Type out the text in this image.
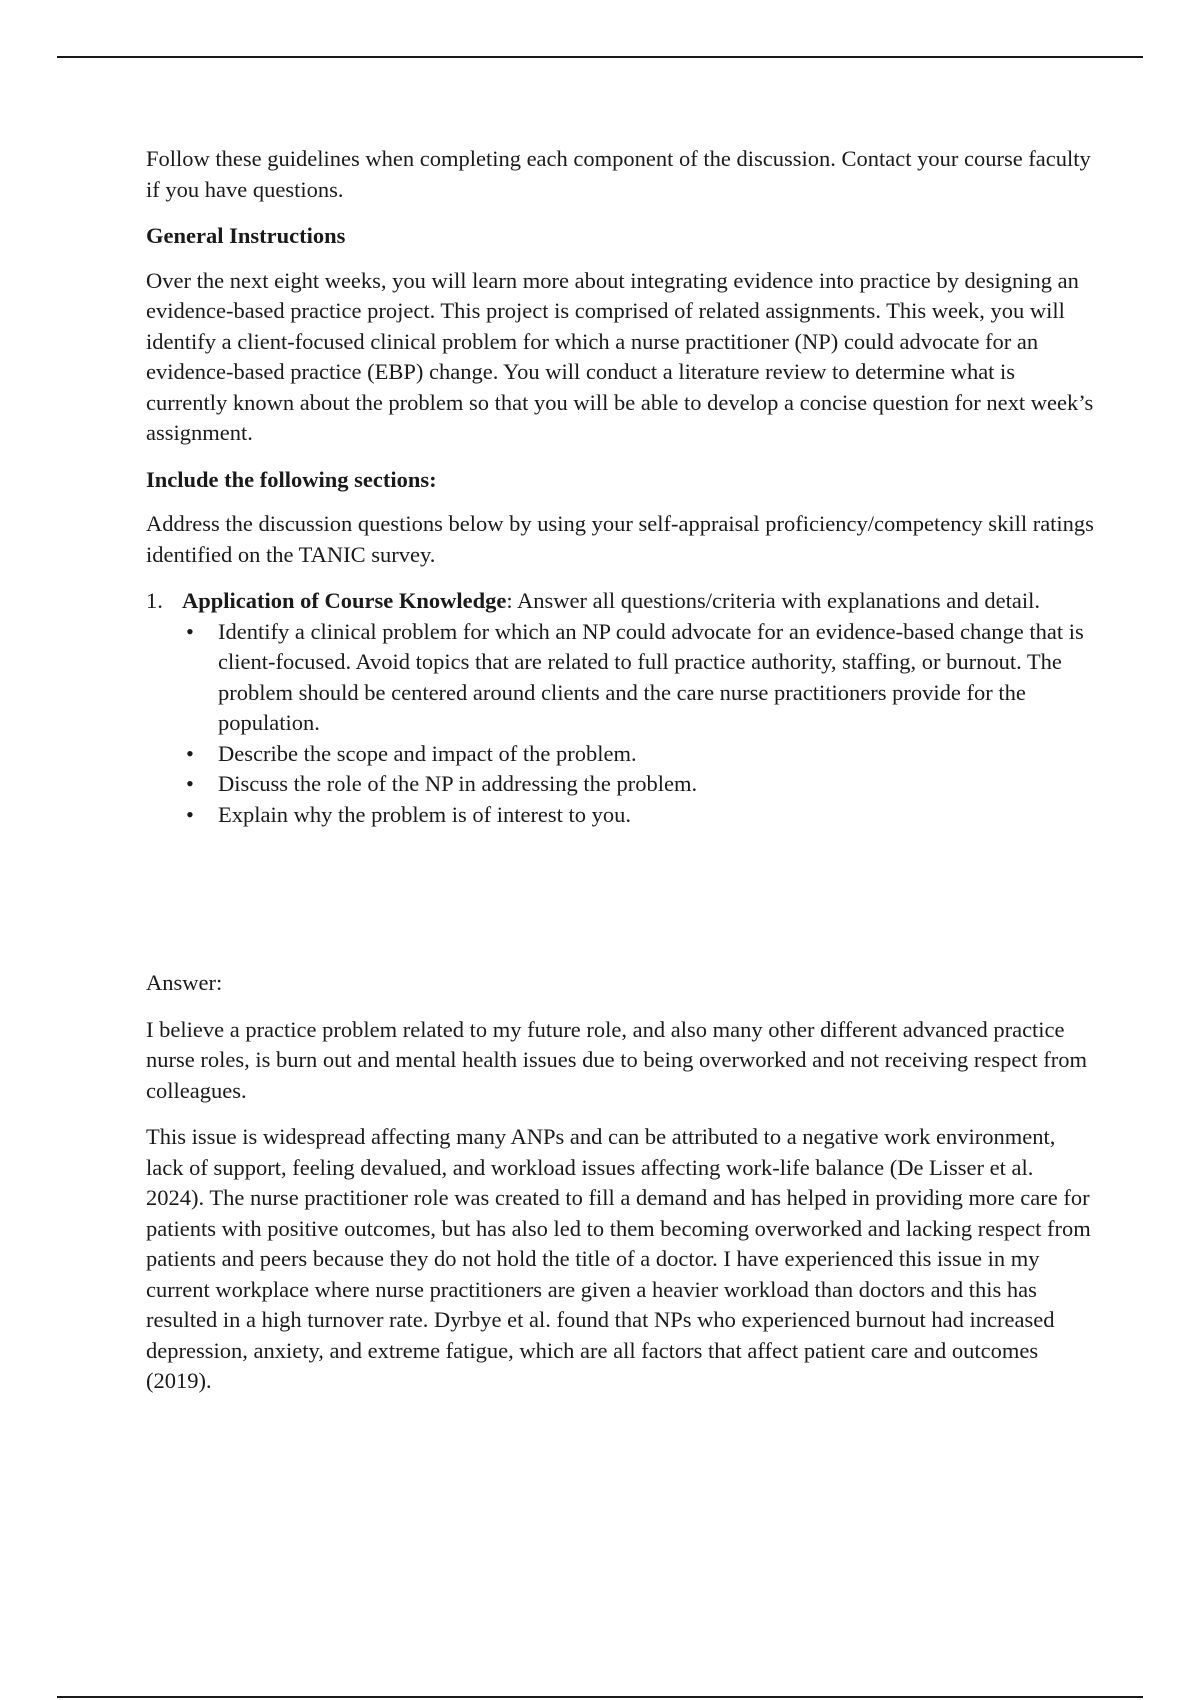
Follow these guidelines when completing each component of the discussion. Contact your course faculty if you have questions.

General Instructions

Over the next eight weeks, you will learn more about integrating evidence into practice by designing an evidence-based practice project. This project is comprised of related assignments. This week, you will identify a client-focused clinical problem for which a nurse practitioner (NP) could advocate for an evidence-based practice (EBP) change. You will conduct a literature review to determine what is currently known about the problem so that you will be able to develop a concise question for next week’s assignment.

Include the following sections:

Address the discussion questions below by using your self-appraisal proficiency/competency skill ratings identified on the TANIC survey.

1. Application of Course Knowledge: Answer all questions/criteria with explanations and detail.
• Identify a clinical problem for which an NP could advocate for an evidence-based change that is client-focused. Avoid topics that are related to full practice authority, staffing, or burnout. The problem should be centered around clients and the care nurse practitioners provide for the population.
• Describe the scope and impact of the problem.
• Discuss the role of the NP in addressing the problem.
• Explain why the problem is of interest to you.

Answer:

I believe a practice problem related to my future role, and also many other different advanced practice nurse roles, is burn out and mental health issues due to being overworked and not receiving respect from colleagues.

This issue is widespread affecting many ANPs and can be attributed to a negative work environment, lack of support, feeling devalued, and workload issues affecting work-life balance (De Lisser et al. 2024). The nurse practitioner role was created to fill a demand and has helped in providing more care for patients with positive outcomes, but has also led to them becoming overworked and lacking respect from patients and peers because they do not hold the title of a doctor. I have experienced this issue in my current workplace where nurse practitioners are given a heavier workload than doctors and this has resulted in a high turnover rate. Dyrbye et al. found that NPs who experienced burnout had increased depression, anxiety, and extreme fatigue, which are all factors that affect patient care and outcomes (2019).
